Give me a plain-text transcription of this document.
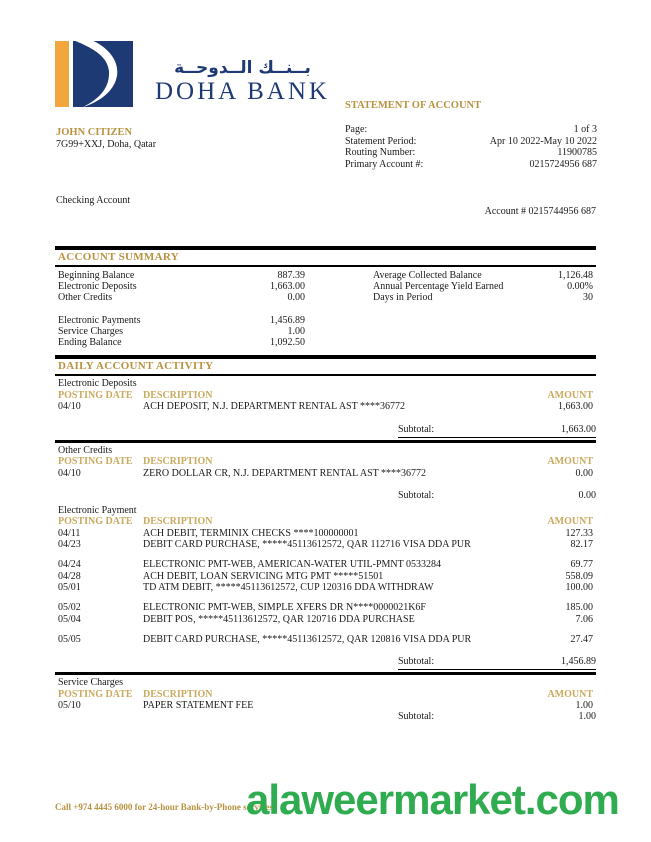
بــنــك الــدوحــة
DOHA BANK
STATEMENT OF ACCOUNT
Page:	1 of 3
Statement Period:	Apr 10 2022-May 10 2022
Routing Number:	11900785
Primary Account #:	0215724956 687
JOHN CITIZEN
7G99+XXJ, Doha, Qatar
Checking Account
Account # 0215744956 687
ACCOUNT SUMMARY
Beginning Balance	887.39
Electronic Deposits	1,663.00
Other Credits	0.00
Electronic Payments	1,456.89
Service Charges	1.00
Ending Balance	1,092.50
Average Collected Balance	1,126.48
Annual Percentage Yield Earned	0.00%
Days in Period	30
DAILY ACCOUNT ACTIVITY
Electronic Deposits
POSTING DATE	DESCRIPTION	AMOUNT
04/10	ACH DEPOSIT, N.J. DEPARTMENT RENTAL AST ****36772	1,663.00
Subtotal:	1,663.00
Other Credits
POSTING DATE	DESCRIPTION	AMOUNT
04/10	ZERO DOLLAR CR, N.J. DEPARTMENT RENTAL AST ****36772	0.00
Subtotal:	0.00
Electronic Payment
POSTING DATE	DESCRIPTION	AMOUNT
04/11	ACH DEBIT, TERMINIX CHECKS ****100000001	127.33
04/23	DEBIT CARD PURCHASE, *****45113612572, QAR 112716 VISA DDA PUR	82.17
04/24	ELECTRONIC PMT-WEB, AMERICAN-WATER UTIL-PMNT 0533284	69.77
04/28	ACH DEBIT, LOAN SERVICING MTG PMT *****51501	558.09
05/01	TD ATM DEBIT, *****45113612572, CUP 120316 DDA WITHDRAW	100.00
05/02	ELECTRONIC PMT-WEB, SIMPLE XFERS DR N****0000021K6F	185.00
05/04	DEBIT POS, *****45113612572, QAR 120716 DDA PURCHASE	7.06
05/05	DEBIT CARD PURCHASE, *****45113612572, QAR 120816 VISA DDA PUR	27.47
Subtotal:	1,456.89
Service Charges
POSTING DATE	DESCRIPTION	AMOUNT
05/10	PAPER STATEMENT FEE	1.00
Subtotal:	1.00
Call +974 4445 6000 for 24-hour Bank-by-Phone services
alaweermarket.com
